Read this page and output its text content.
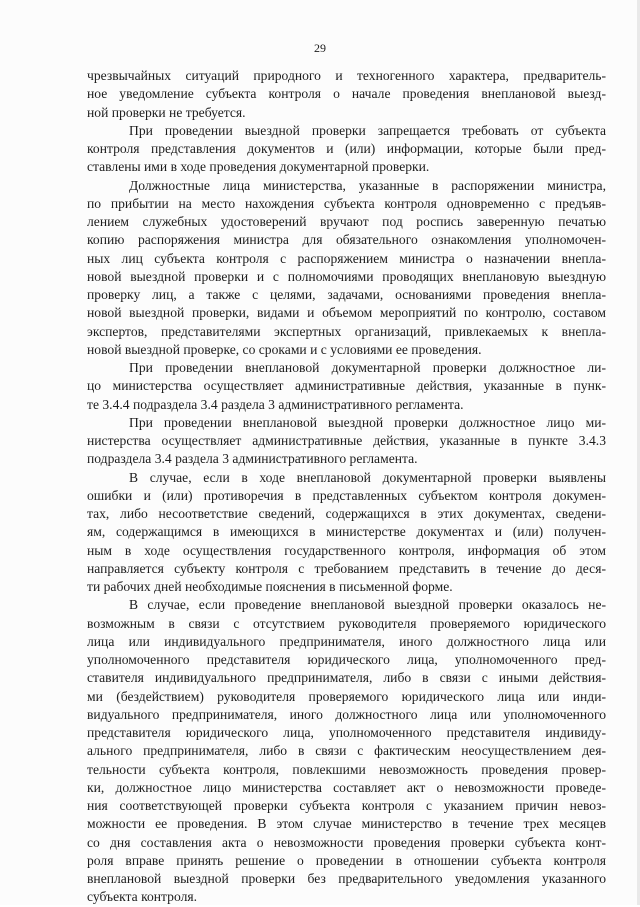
29
чрезвычайных ситуаций природного и техногенного характера, предваритель-
ное уведомление субъекта контроля о начале проведения внеплановой выезд-
ной проверки не требуется.
При проведении выездной проверки запрещается требовать от субъекта
контроля представления документов и (или) информации, которые были пред-
ставлены ими в ходе проведения документарной проверки.
Должностные лица министерства, указанные в распоряжении министра,
по прибытии на место нахождения субъекта контроля одновременно с предъяв-
лением служебных удостоверений вручают под роспись заверенную печатью
копию распоряжения министра для обязательного ознакомления уполномочен-
ных лиц субъекта контроля с распоряжением министра о назначении внепла-
новой выездной проверки и с полномочиями проводящих внеплановую выездную
проверку лиц, а также с целями, задачами, основаниями проведения внепла-
новой выездной проверки, видами и объемом мероприятий по контролю, составом
экспертов, представителями экспертных организаций, привлекаемых к внепла-
новой выездной проверке, со сроками и с условиями ее проведения.
При проведении внеплановой документарной проверки должностное ли-
цо министерства осуществляет административные действия, указанные в пунк-
те 3.4.4 подраздела 3.4 раздела 3 административного регламента.
При проведении внеплановой выездной проверки должностное лицо ми-
нистерства осуществляет административные действия, указанные в пункте 3.4.3
подраздела 3.4 раздела 3 административного регламента.
В случае, если в ходе внеплановой документарной проверки выявлены
ошибки и (или) противоречия в представленных субъектом контроля докумен-
тах, либо несоответствие сведений, содержащихся в этих документах, сведени-
ям, содержащимся в имеющихся в министерстве документах и (или) получен-
ным в ходе осуществления государственного контроля, информация об этом
направляется субъекту контроля с требованием представить в течение до деся-
ти рабочих дней необходимые пояснения в письменной форме.
В случае, если проведение внеплановой выездной проверки оказалось не-
возможным в связи с отсутствием руководителя проверяемого юридического
лица или индивидуального предпринимателя, иного должностного лица или
уполномоченного представителя юридического лица, уполномоченного пред-
ставителя индивидуального предпринимателя, либо в связи с иными действия-
ми (бездействием) руководителя проверяемого юридического лица или инди-
видуального предпринимателя, иного должностного лица или уполномоченного
представителя юридического лица, уполномоченного представителя индивиду-
ального предпринимателя, либо в связи с фактическим неосуществлением дея-
тельности субъекта контроля, повлекшими невозможность проведения провер-
ки, должностное лицо министерства составляет акт о невозможности проведе-
ния соответствующей проверки субъекта контроля с указанием причин невоз-
можности ее проведения. В этом случае министерство в течение трех месяцев
со дня составления акта о невозможности проведения проверки субъекта конт-
роля вправе принять решение о проведении в отношении субъекта контроля
внеплановой выездной проверки без предварительного уведомления указанного
субъекта контроля.
